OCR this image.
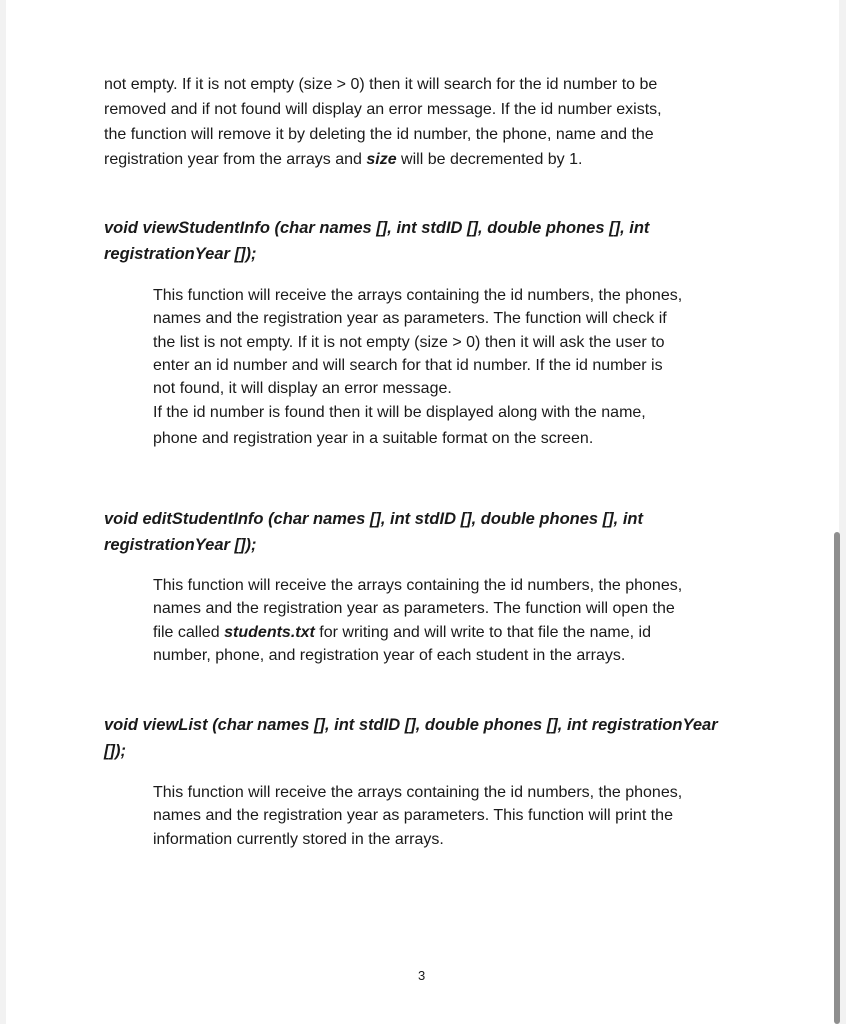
not empty. If it is not empty (size > 0) then it will search for the id number to be
removed and if not found will display an error message. If the id number exists,
the function will remove it by deleting the id number, the phone, name and the
registration year from the arrays and size will be decremented by 1.

void viewStudentInfo (char names [], int stdID [], double phones [], int
registrationYear []);

This function will receive the arrays containing the id numbers, the phones,
names and the registration year as parameters. The function will check if
the list is not empty. If it is not empty (size > 0) then it will ask the user to
enter an id number and will search for that id number. If the id number is
not found, it will display an error message.

If the id number is found then it will be displayed along with the name,
phone and registration year in a suitable format on the screen.

void editStudentInfo (char names [], int stdID [], double phones [], int
registrationYear []);

This function will receive the arrays containing the id numbers, the phones,
names and the registration year as parameters. The function will open the
file called students.txt for writing and will write to that file the name, id
number, phone, and registration year of each student in the arrays.

void viewList (char names [], int stdID [], double phones [], int registrationYear
[]);

This function will receive the arrays containing the id numbers, the phones,
names and the registration year as parameters. This function will print the
information currently stored in the arrays.

3
